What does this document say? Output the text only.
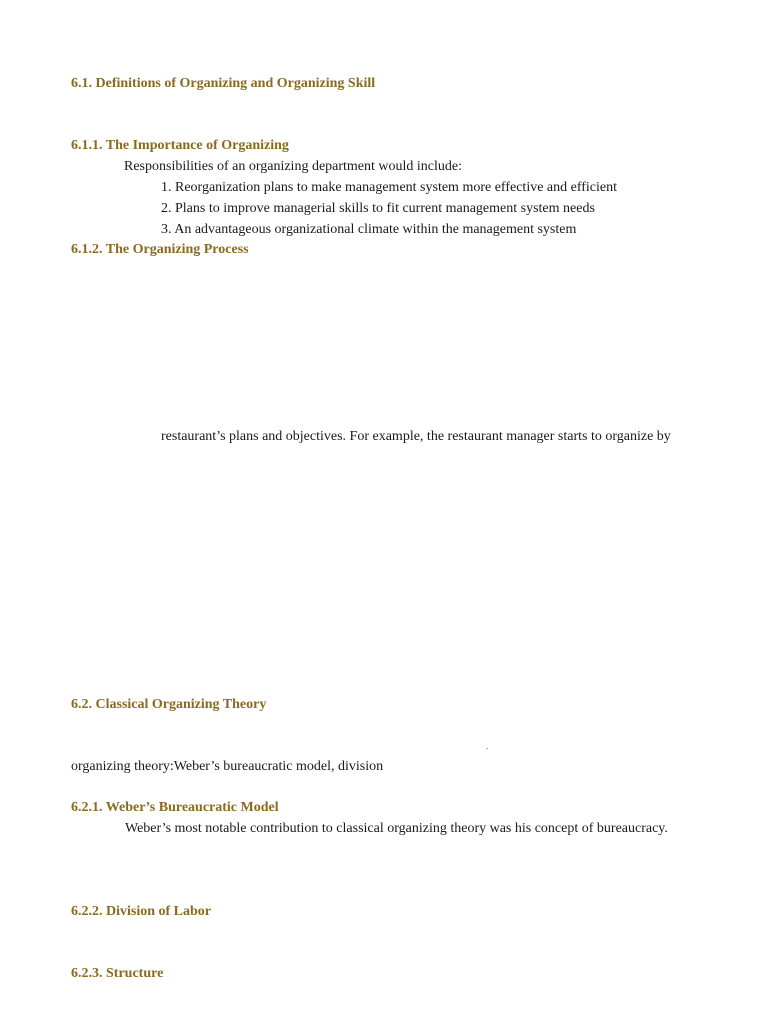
6.1. Definitions of Organizing and Organizing Skill
6.1.1. The Importance of Organizing
Responsibilities of an organizing department would include:
1. Reorganization plans to make management system more effective and efficient
2. Plans to improve managerial skills to fit current management system needs
3. An advantageous organizational climate within the management system
6.1.2. The Organizing Process
restaurant’s plans and objectives. For example, the restaurant manager starts to organize by
6.2. Classical Organizing Theory
.
organizing theory:Weber’s bureaucratic model, division
6.2.1. Weber’s Bureaucratic Model
Weber’s most notable contribution to classical organizing theory was his concept of bureaucracy.
6.2.2. Division of Labor
6.2.3. Structure
